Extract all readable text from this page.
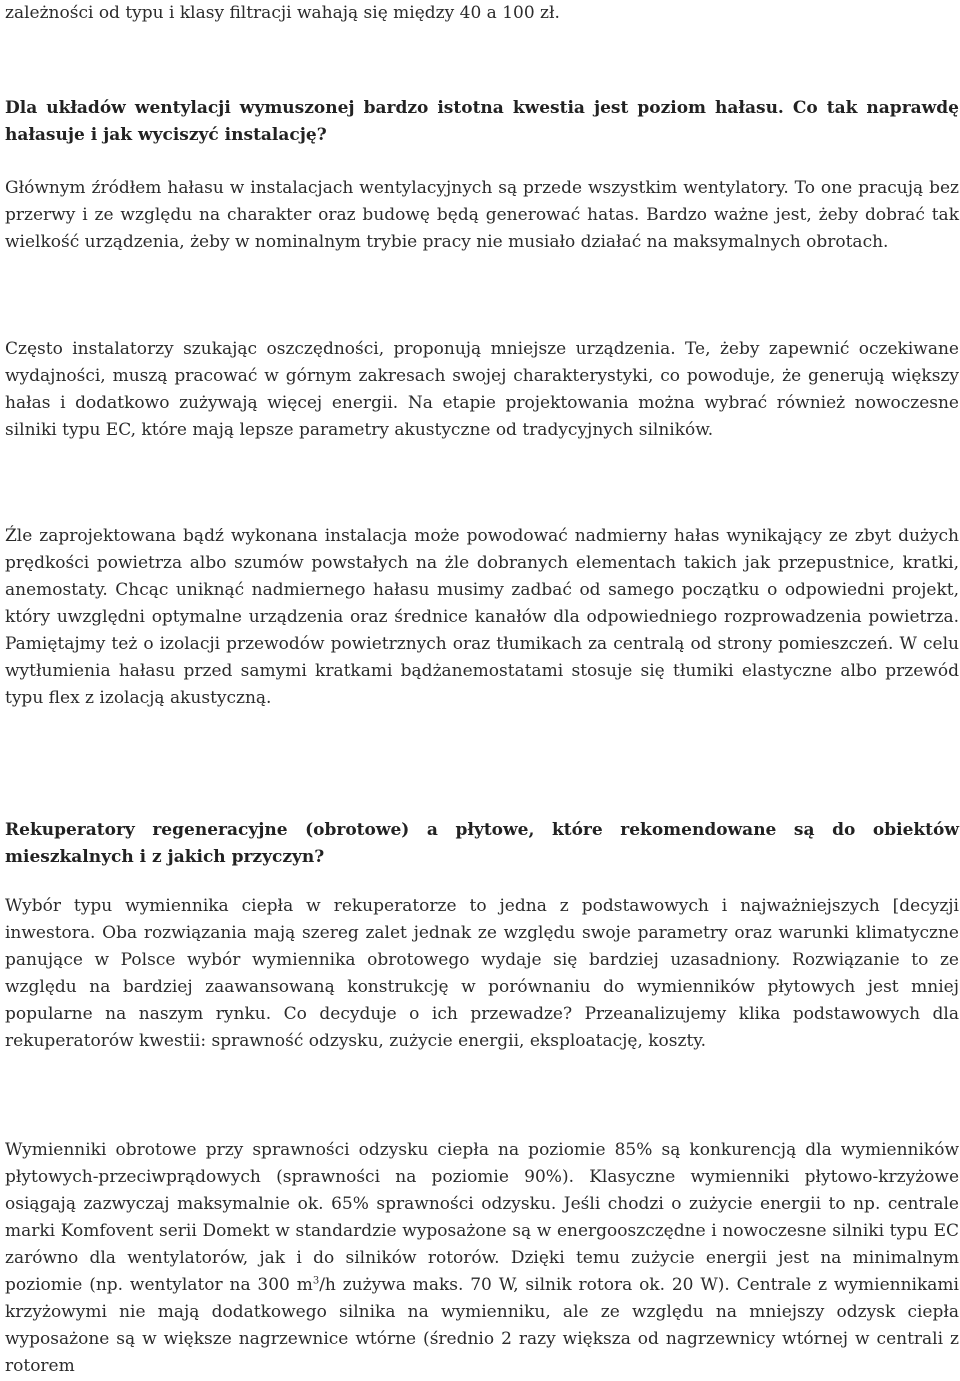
zależności od typu i klasy filtracji wahają się między 40 a 100 zł.

Dla układów wentylacji wymuszonej bardzo istotna kwestia jest poziom hałasu. Co tak naprawdę hałasuje i jak wyciszyć instalację?

Głównym źródłem hałasu w instalacjach wentylacyjnych są przede wszystkim wentylatory. To one pracują bez przerwy i ze względu na charakter oraz budowę będą generować hatas. Bardzo ważne jest, żeby dobrać tak wielkość urządzenia, żeby w nominalnym trybie pracy nie musiało działać na maksymalnych obrotach.

Często instalatorzy szukając oszczędności, proponują mniejsze urządzenia. Te, żeby zapewnić oczekiwane wydajności, muszą pracować w górnym zakresach swojej charakterystyki, co powoduje, że generują większy hałas i dodatkowo zużywają więcej energii. Na etapie projektowania można wybrać również nowoczesne silniki typu EC, które mają lepsze parametry akustyczne od tradycyjnych silników.

Źle zaprojektowana bądź wykonana instalacja może powodować nadmierny hałas wynikający ze zbyt dużych prędkości powietrza albo szumów powstałych na żle dobranych elementach takich jak przepustnice, kratki, anemostaty. Chcąc uniknąć nadmiernego hałasu musimy zadbać od samego początku o odpowiedni projekt, który uwzględni optymalne urządzenia oraz średnice kanałów dla odpowiedniego rozprowadzenia powietrza. Pamiętajmy też o izolacji przewodów powietrznych oraz tłumikach za centralą od strony pomieszczeń. W celu wytłumienia hałasu przed samymi kratkami bądżanemostatami stosuje się tłumiki elastyczne albo przewód typu flex z izolacją akustyczną.

Rekuperatory regeneracyjne (obrotowe) a płytowe, które rekomendowane są do obiektów mieszkalnych i z jakich przyczyn?

Wybór typu wymiennika ciepła w rekuperatorze to jedna z podstawowych i najważniejszych [decyzji inwestora. Oba rozwiązania mają szereg zalet jednak ze względu swoje parametry oraz warunki klimatyczne panujące w Polsce wybór wymiennika obrotowego wydaje się bardziej uzasadniony. Rozwiązanie to ze względu na bardziej zaawansowaną konstrukcję w porównaniu do wymienników płytowych jest mniej popularne na naszym rynku. Co decyduje o ich przewadze? Przeanalizujemy klika podstawowych dla rekuperatorów kwestii: sprawność odzysku, zużycie energii, eksploatację, koszty.

Wymienniki obrotowe przy sprawności odzysku ciepła na poziomie 85% są konkurencją dla wymienników płytowych-przeciwprądowych (sprawności na poziomie 90%). Klasyczne wymienniki płytowo-krzyżowe osiągają zazwyczaj maksymalnie ok. 65% sprawności odzysku. Jeśli chodzi o zużycie energii to np. centrale marki Komfovent serii Domekt w standardzie wyposażone są w energooszczędne i nowoczesne silniki typu EC zarówno dla wentylatorów, jak i do silników rotorów. Dzięki temu zużycie energii jest na minimalnym poziomie (np. wentylator na 300 $m^3/h$ zużywa maks. 70 W, silnik rotora ok. 20 W). Centrale z wymiennikami krzyżowymi nie mają dodatkowego silnika na wymienniku, ale ze względu na mniejszy odzysk ciepła wyposażone są w większe nagrzewnice wtórne (średnio 2 razy większa od nagrzewnicy wtórnej w centrali z rotorem
